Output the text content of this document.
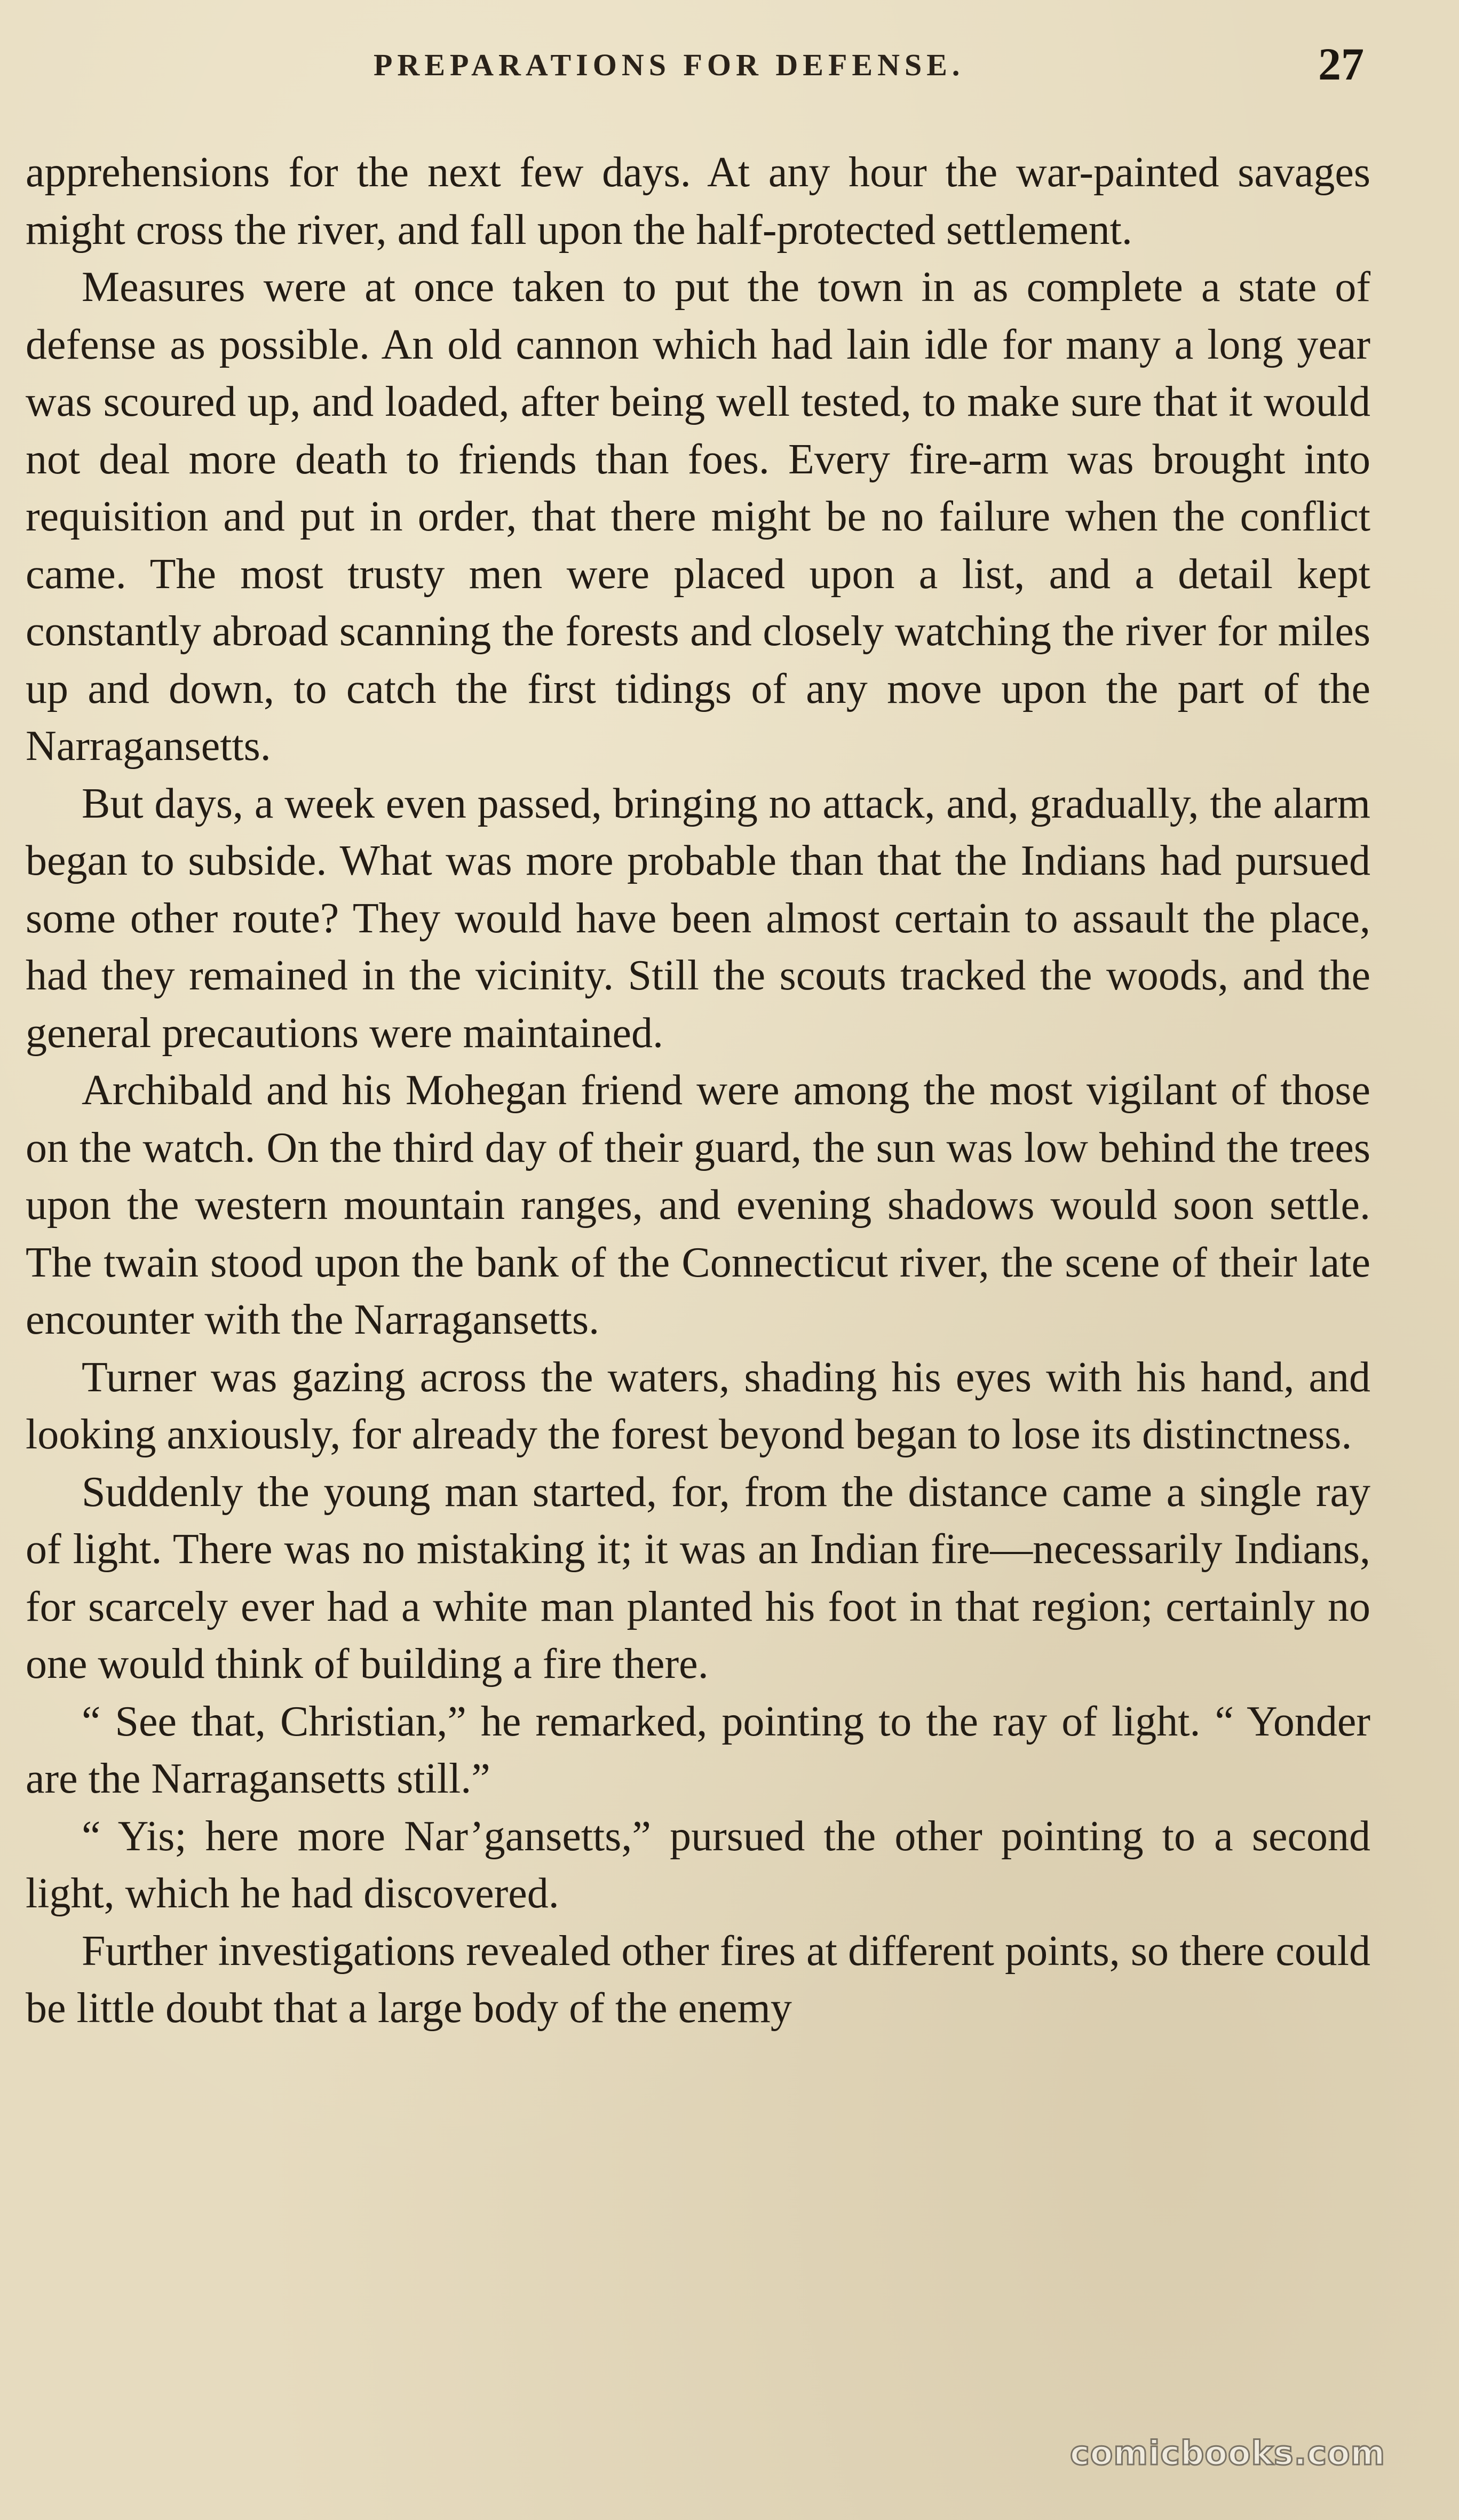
PREPARATIONS FOR DEFENSE.	27

apprehensions for the next few days. At any hour the war-painted savages might cross the river, and fall upon the half-protected settlement.

Measures were at once taken to put the town in as complete a state of defense as possible. An old cannon which had lain idle for many a long year was scoured up, and loaded, after being well tested, to make sure that it would not deal more death to friends than foes. Every fire-arm was brought into requisition and put in order, that there might be no failure when the conflict came. The most trusty men were placed upon a list, and a detail kept constantly abroad scanning the forests and closely watching the river for miles up and down, to catch the first tidings of any move upon the part of the Narragansetts.

But days, a week even passed, bringing no attack, and, gradually, the alarm began to subside. What was more probable than that the Indians had pursued some other route? They would have been almost certain to assault the place, had they remained in the vicinity. Still the scouts tracked the woods, and the general precautions were maintained.

Archibald and his Mohegan friend were among the most vigilant of those on the watch. On the third day of their guard, the sun was low behind the trees upon the western mountain ranges, and evening shadows would soon settle. The twain stood upon the bank of the Connecticut river, the scene of their late encounter with the Narragansetts.

Turner was gazing across the waters, shading his eyes with his hand, and looking anxiously, for already the forest beyond began to lose its distinctness.

Suddenly the young man started, for, from the distance came a single ray of light. There was no mistaking it; it was an Indian fire—necessarily Indians, for scarcely ever had a white man planted his foot in that region; certainly no one would think of building a fire there.

“ See that, Christian,” he remarked, pointing to the ray of light. “ Yonder are the Narragansetts still.”

“ Yis; here more Nar’gansetts,” pursued the other pointing to a second light, which he had discovered.

Further investigations revealed other fires at different points, so there could be little doubt that a large body of the enemy

comicbooks.com
